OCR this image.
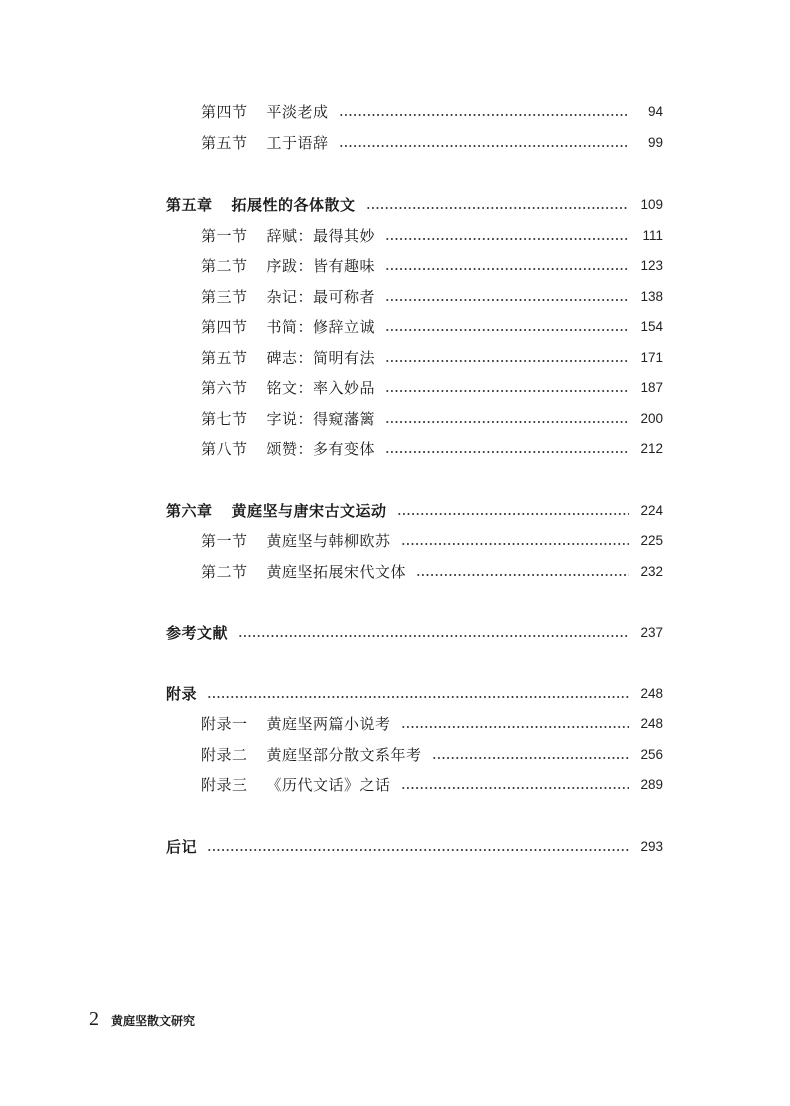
第四节 平淡老成	94
第五节 工于语辞	99
第五章 拓展性的各体散文	109
第一节 辞赋：最得其妙	111
第二节 序跋：皆有趣味	123
第三节 杂记：最可称者	138
第四节 书简：修辞立诚	154
第五节 碑志：简明有法	171
第六节 铭文：率入妙品	187
第七节 字说：得窥藩篱	200
第八节 颂赞：多有变体	212
第六章 黄庭坚与唐宋古文运动	224
第一节 黄庭坚与韩柳欧苏	225
第二节 黄庭坚拓展宋代文体	232
参考文献	237
附录	248
附录一 黄庭坚两篇小说考	248
附录二 黄庭坚部分散文系年考	256
附录三 《历代文话》之话	289
后记	293
2 黄庭坚散文研究
